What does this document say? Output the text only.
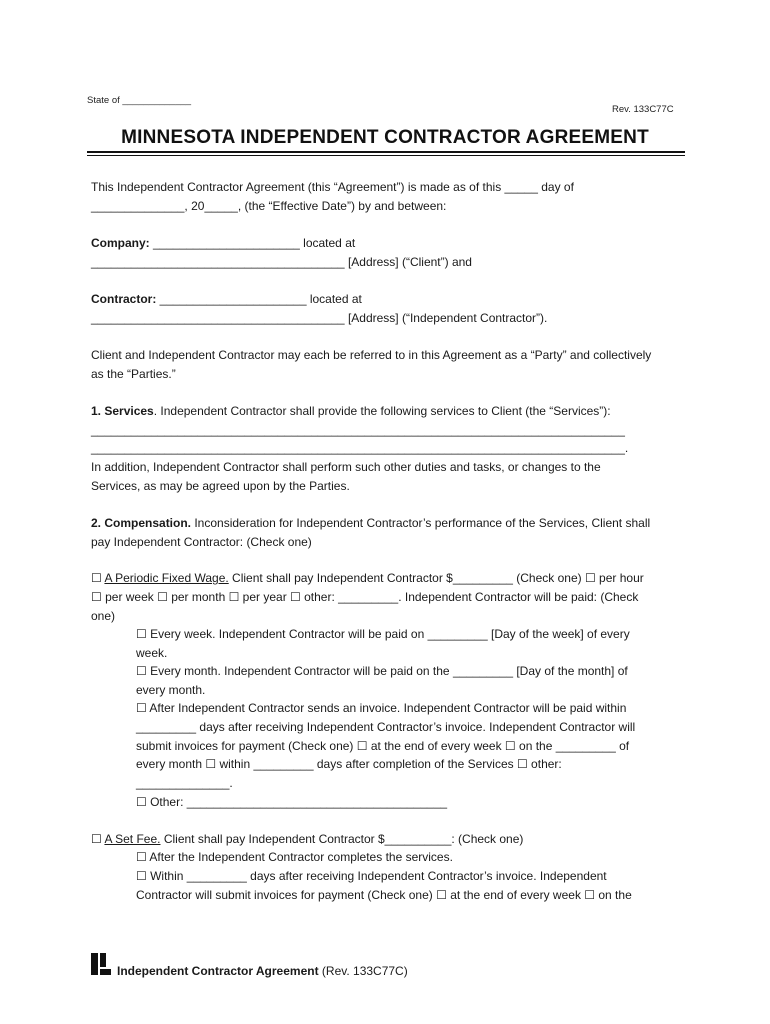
State of _____________
Rev. 133C77C
MINNESOTA INDEPENDENT CONTRACTOR AGREEMENT
This Independent Contractor Agreement (this “Agreement”) is made as of this _____ day of
______________, 20_____, (the “Effective Date”) by and between:
Company: ______________________ located at
______________________________________ [Address] (“Client”) and
Contractor: ______________________ located at
______________________________________ [Address] (“Independent Contractor”).
Client and Independent Contractor may each be referred to in this Agreement as a “Party” and collectively
as the “Parties.”
1. Services. Independent Contractor shall provide the following services to Client (the “Services”):
________________________________________________________________________________
________________________________________________________________________________.
In addition, Independent Contractor shall perform such other duties and tasks, or changes to the
Services, as may be agreed upon by the Parties.
2. Compensation. Inconsideration for Independent Contractor’s performance of the Services, Client shall
pay Independent Contractor: (Check one)
☐ A Periodic Fixed Wage. Client shall pay Independent Contractor $_________ (Check one) ☐ per hour
☐ per week ☐ per month ☐ per year ☐ other: _________. Independent Contractor will be paid: (Check
one)
☐ Every week. Independent Contractor will be paid on _________ [Day of the week] of every
week.
☐ Every month. Independent Contractor will be paid on the _________ [Day of the month] of
every month.
☐ After Independent Contractor sends an invoice. Independent Contractor will be paid within
_________ days after receiving Independent Contractor’s invoice. Independent Contractor will
submit invoices for payment (Check one) ☐ at the end of every week ☐ on the _________ of
every month ☐ within _________ days after completion of the Services ☐ other:
______________.
☐ Other: _______________________________________
☐ A Set Fee. Client shall pay Independent Contractor $__________: (Check one)
☐ After the Independent Contractor completes the services.
☐ Within _________ days after receiving Independent Contractor’s invoice. Independent
Contractor will submit invoices for payment (Check one) ☐ at the end of every week ☐ on the
Independent Contractor Agreement (Rev. 133C77C)
